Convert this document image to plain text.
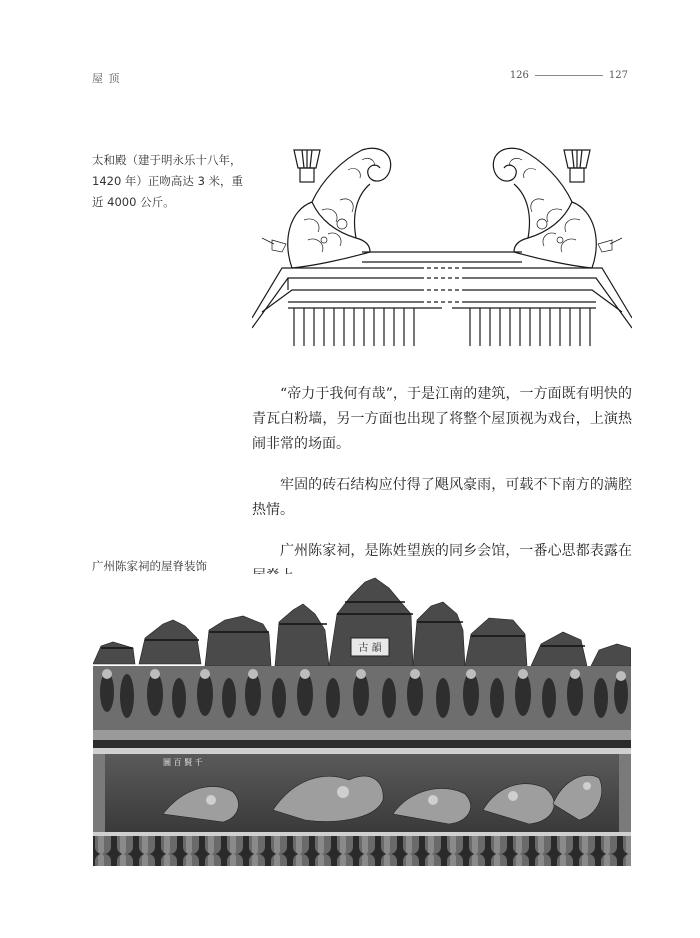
屋 顶	126	127
太和殿（建于明永乐十八年，1420 年）正吻高达 3 米，重近 4000 公斤。

“帝力于我何有哉”，于是江南的建筑，一方面既有明快的青瓦白粉墙，另一方面也出现了将整个屋顶视为戏台，上演热闹非常的场面。

牢固的砖石结构应付得了飓风豪雨，可载不下南方的满腔热情。

广州陈家祠，是陈姓望族的同乡会馆，一番心思都表露在

广州陈家祠的屋脊装饰
古 韻
圖 百 賢 千
